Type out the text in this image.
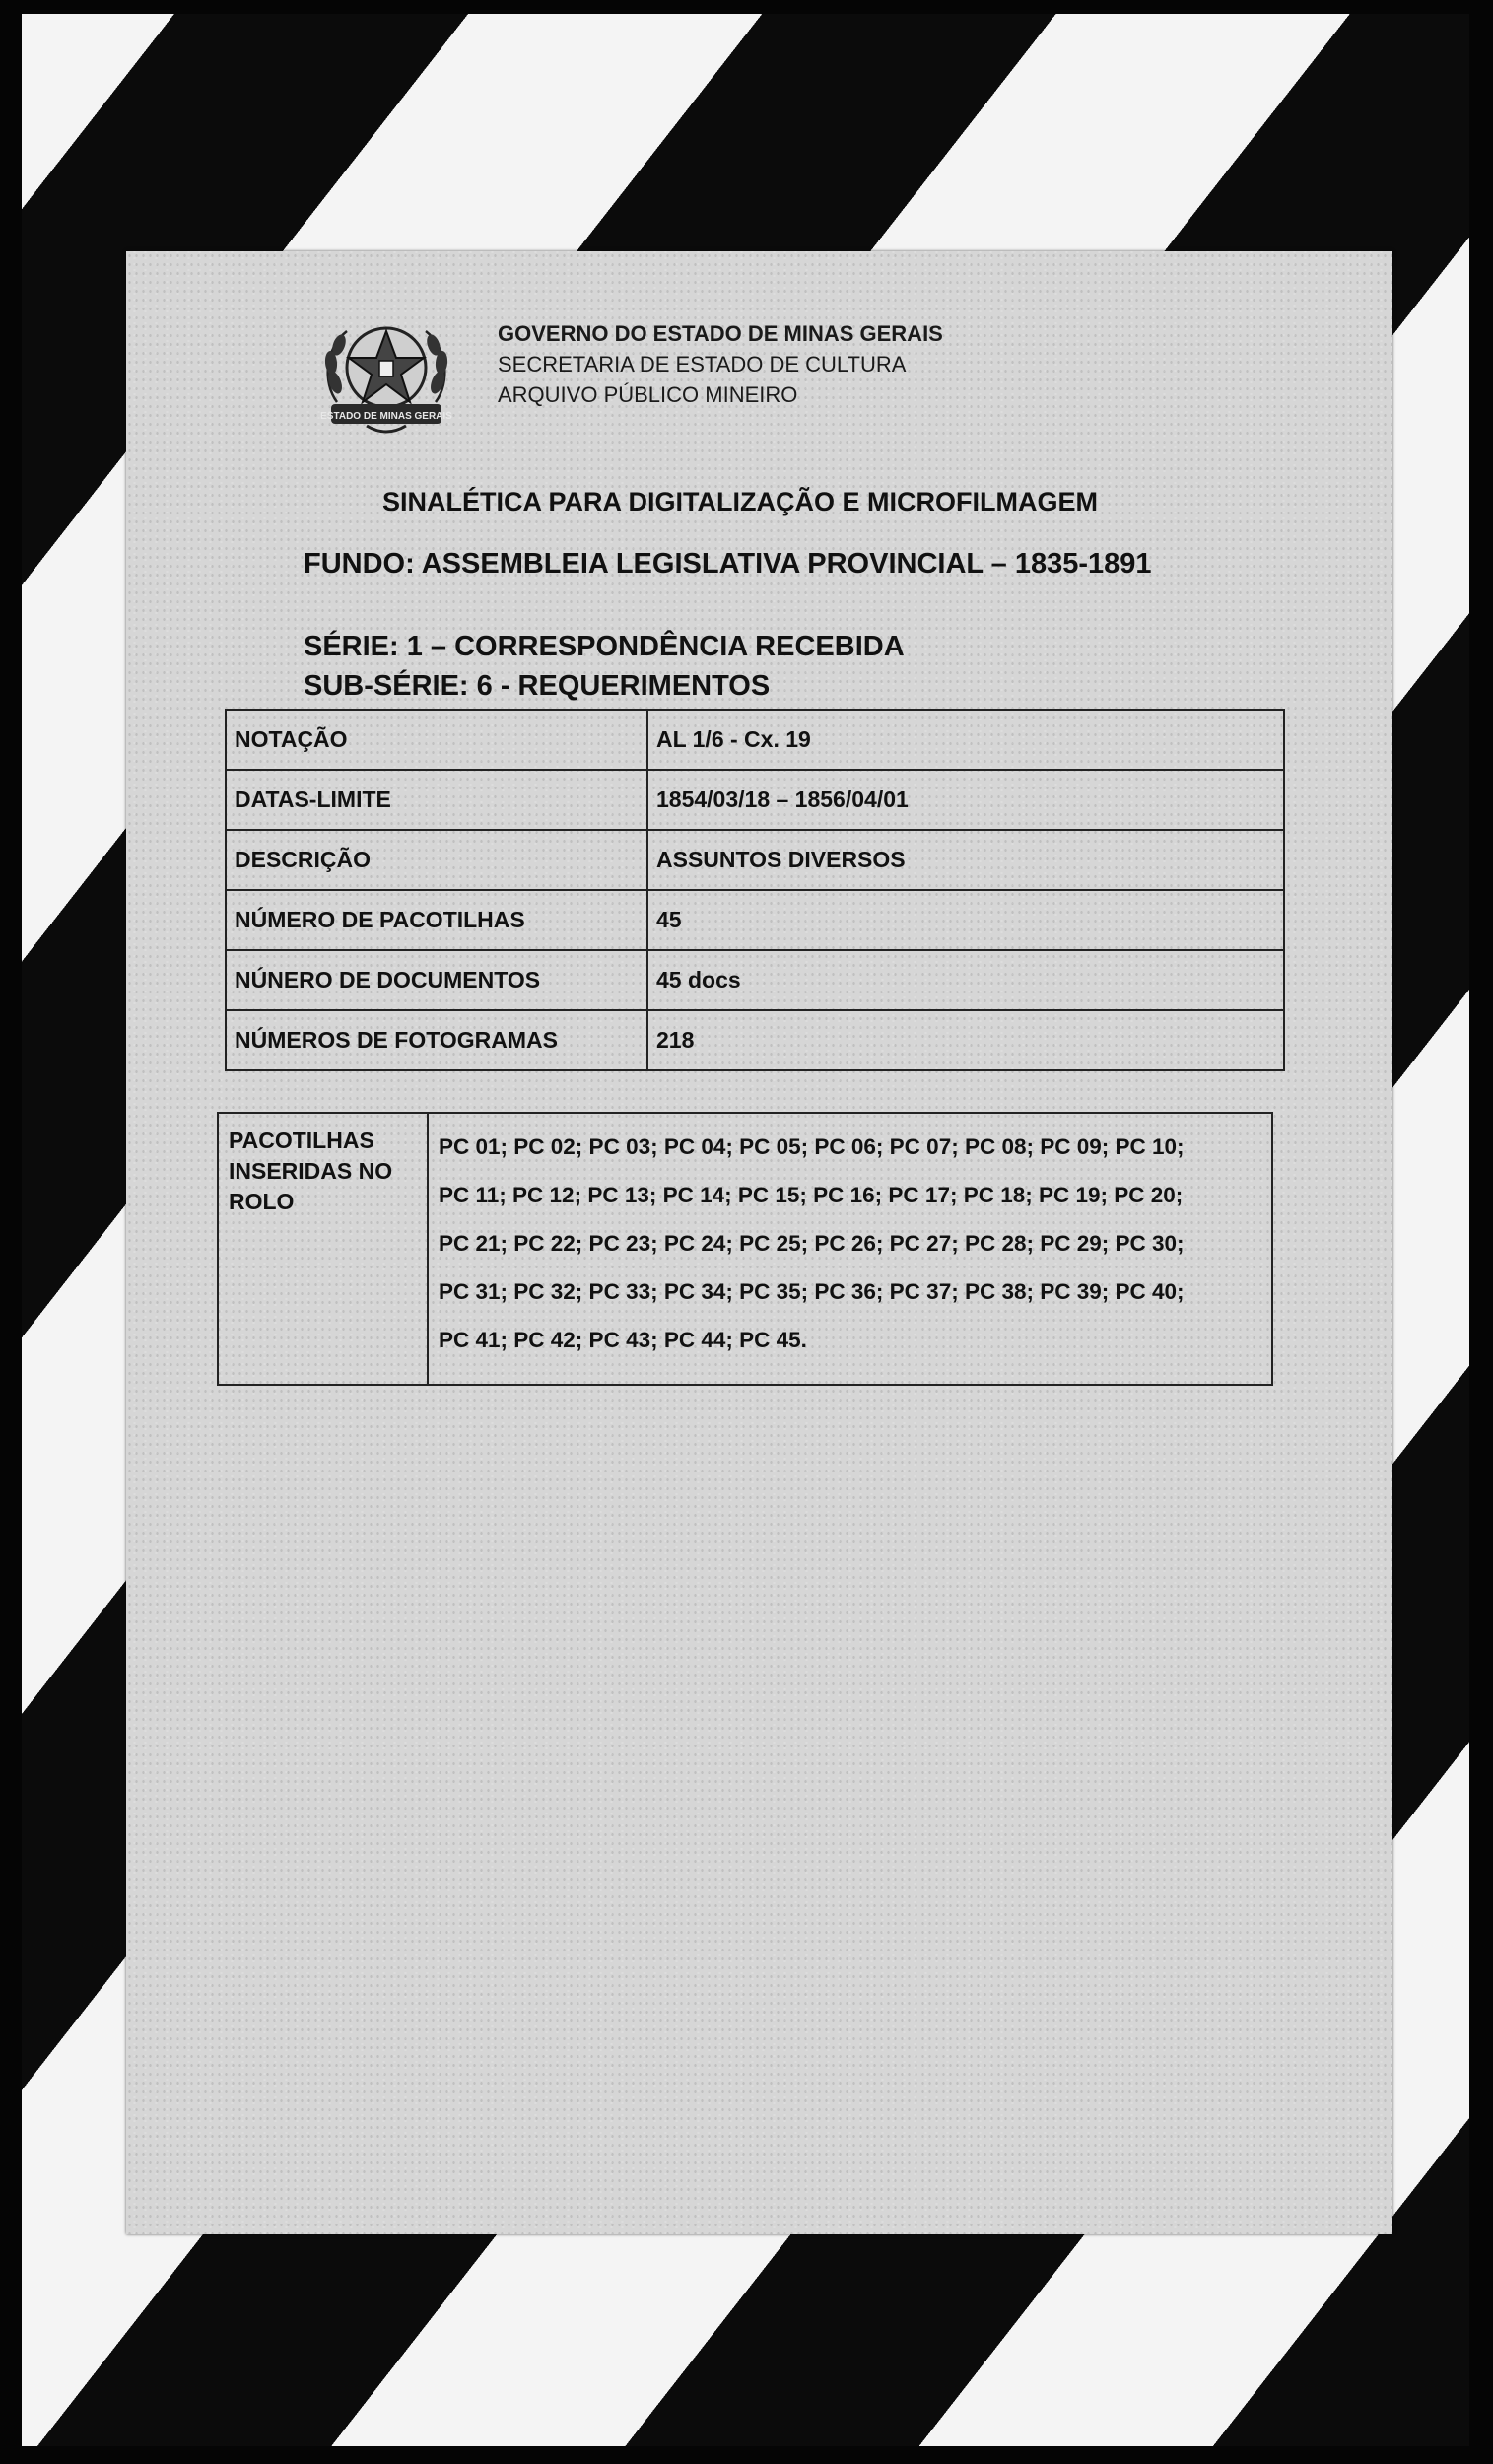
ESTADO DE MINAS GERAIS
GOVERNO DO ESTADO DE MINAS GERAIS
SECRETARIA DE ESTADO DE CULTURA
ARQUIVO PÚBLICO MINEIRO
SINALÉTICA PARA DIGITALIZAÇÃO E MICROFILMAGEM
FUNDO: ASSEMBLEIA LEGISLATIVA PROVINCIAL – 1835-1891
SÉRIE: 1 – CORRESPONDÊNCIA RECEBIDA
SUB-SÉRIE: 6 - REQUERIMENTOS
NOTAÇÃO	AL 1/6 - Cx. 19
DATAS-LIMITE	1854/03/18 – 1856/04/01
DESCRIÇÃO	ASSUNTOS DIVERSOS
NÚMERO DE PACOTILHAS	45
NÚNERO DE DOCUMENTOS	45 docs
NÚMEROS DE FOTOGRAMAS	218
PACOTILHAS
INSERIDAS NO
ROLO

PC 01; PC 02; PC 03; PC 04; PC 05; PC 06; PC 07; PC 08; PC 09; PC 10;
PC 11; PC 12; PC 13; PC 14; PC 15; PC 16; PC 17; PC 18; PC 19; PC 20;
PC 21; PC 22; PC 23; PC 24; PC 25; PC 26; PC 27; PC 28; PC 29; PC 30;
PC 31; PC 32; PC 33; PC 34; PC 35; PC 36; PC 37; PC 38; PC 39; PC 40;
PC 41; PC 42; PC 43; PC 44; PC 45.
